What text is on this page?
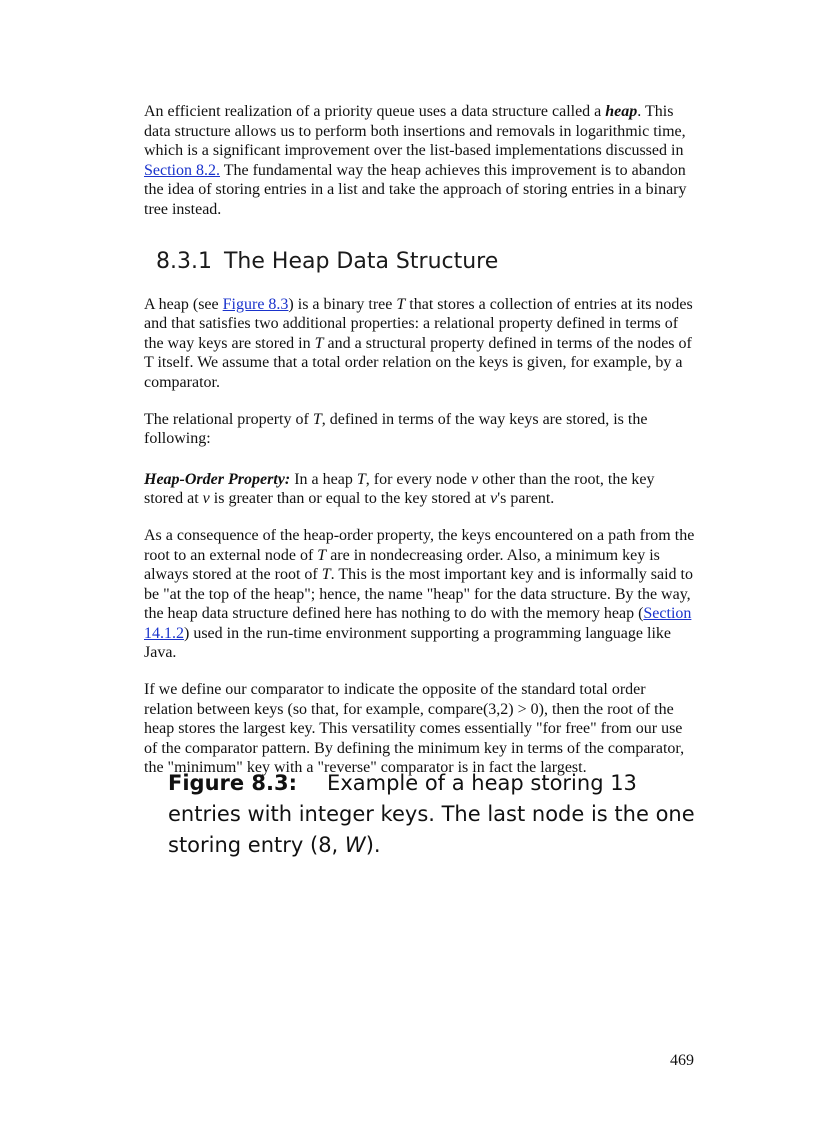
An efficient realization of a priority queue uses a data structure called a heap. This data structure allows us to perform both insertions and removals in logarithmic time, which is a significant improvement over the list-based implementations discussed in Section 8.2. The fundamental way the heap achieves this improvement is to abandon the idea of storing entries in a list and take the approach of storing entries in a binary tree instead.

8.3.1 The Heap Data Structure

A heap (see Figure 8.3) is a binary tree T that stores a collection of entries at its nodes and that satisfies two additional properties: a relational property defined in terms of the way keys are stored in T and a structural property defined in terms of the nodes of T itself. We assume that a total order relation on the keys is given, for example, by a comparator.

The relational property of T, defined in terms of the way keys are stored, is the following:

Heap-Order Property: In a heap T, for every node v other than the root, the key stored at v is greater than or equal to the key stored at v's parent.

As a consequence of the heap-order property, the keys encountered on a path from the root to an external node of T are in nondecreasing order. Also, a minimum key is always stored at the root of T. This is the most important key and is informally said to be "at the top of the heap"; hence, the name "heap" for the data structure. By the way, the heap data structure defined here has nothing to do with the memory heap (Section 14.1.2) used in the run-time environment supporting a programming language like Java.

If we define our comparator to indicate the opposite of the standard total order relation between keys (so that, for example, compare(3,2) > 0), then the root of the heap stores the largest key. This versatility comes essentially "for free" from our use of the comparator pattern. By defining the minimum key in terms of the comparator, the "minimum" key with a "reverse" comparator is in fact the largest.

Figure 8.3: Example of a heap storing 13 entries with integer keys. The last node is the one storing entry (8, W).
469
